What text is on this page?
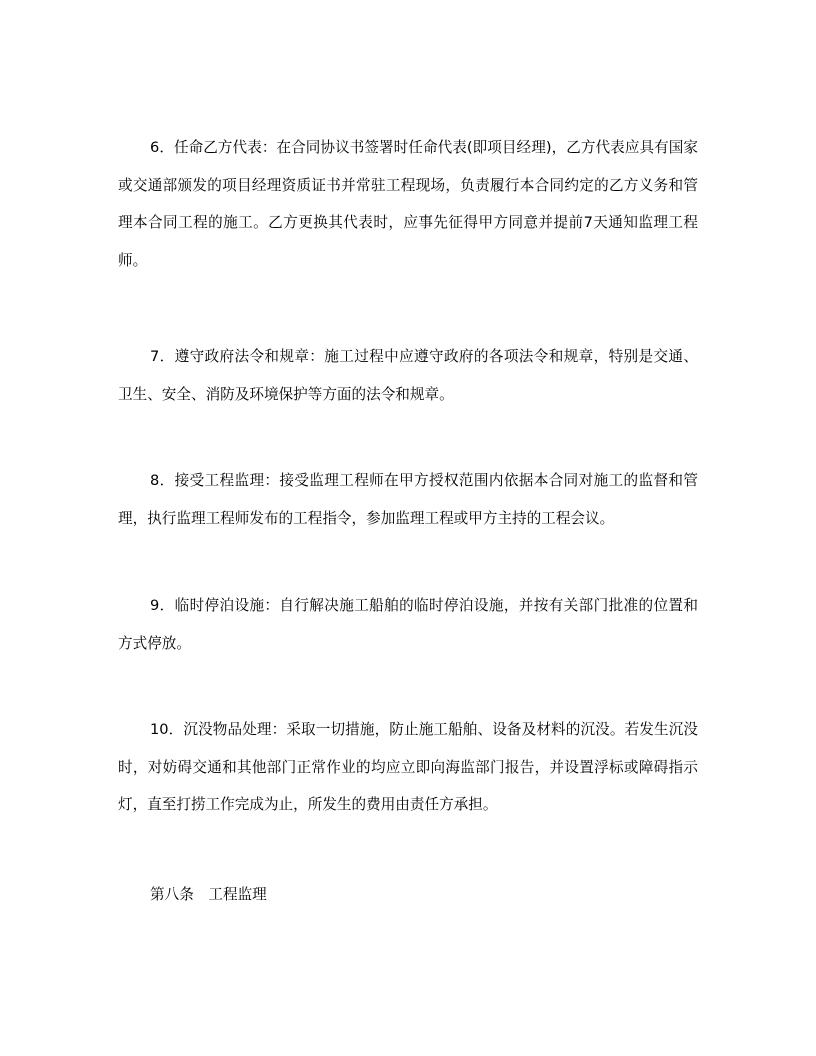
6．任命乙方代表：在合同协议书签署时任命代表(即项目经理)，乙方代表应具有国家或交通部颁发的项目经理资质证书并常驻工程现场，负责履行本合同约定的乙方义务和管理本合同工程的施工。乙方更换其代表时，应事先征得甲方同意并提前7天通知监理工程师。

7．遵守政府法令和规章：施工过程中应遵守政府的各项法令和规章，特别是交通、卫生、安全、消防及环境保护等方面的法令和规章。

8．接受工程监理：接受监理工程师在甲方授权范围内依据本合同对施工的监督和管理，执行监理工程师发布的工程指令，参加监理工程或甲方主持的工程会议。

9．临时停泊设施：自行解决施工船舶的临时停泊设施，并按有关部门批准的位置和方式停放。

10．沉没物品处理：采取一切措施，防止施工船舶、设备及材料的沉没。若发生沉没时，对妨碍交通和其他部门正常作业的均应立即向海监部门报告，并设置浮标或障碍指示灯，直至打捞工作完成为止，所发生的费用由责任方承担。

第八条　工程监理
